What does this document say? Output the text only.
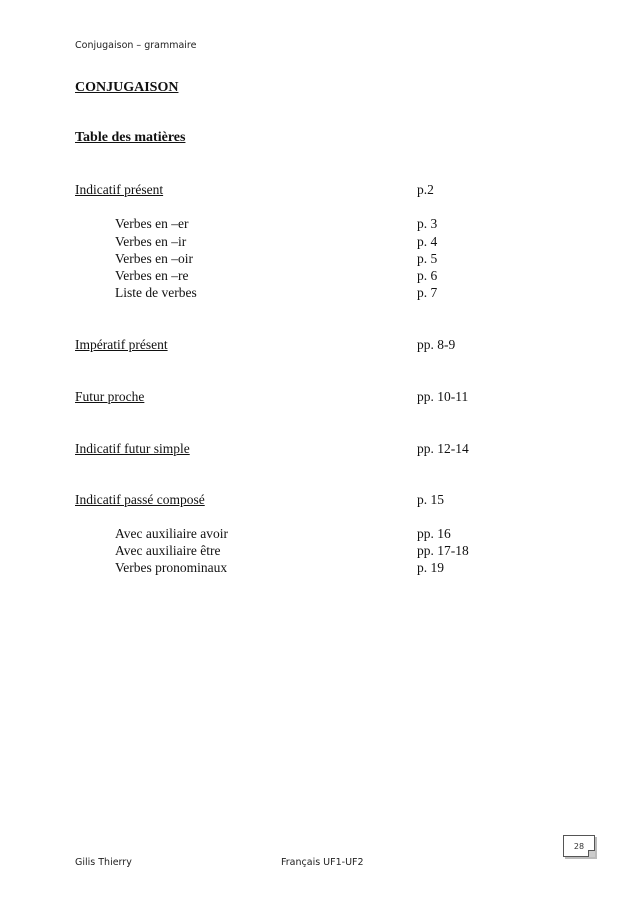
Conjugaison – grammaire
CONJUGAISON
Table des matières
Indicatif présent	p.2
Verbes en –er	p. 3
Verbes en –ir	p. 4
Verbes en –oir	p. 5
Verbes en –re	p. 6
Liste de verbes	p. 7
Impératif présent	pp. 8-9
Futur proche	pp. 10-11
Indicatif futur simple	pp. 12-14
Indicatif passé composé	p. 15
Avec auxiliaire avoir	pp. 16
Avec auxiliaire être	pp. 17-18
Verbes pronominaux	p. 19
28
Gilis Thierry	Français UF1-UF2
